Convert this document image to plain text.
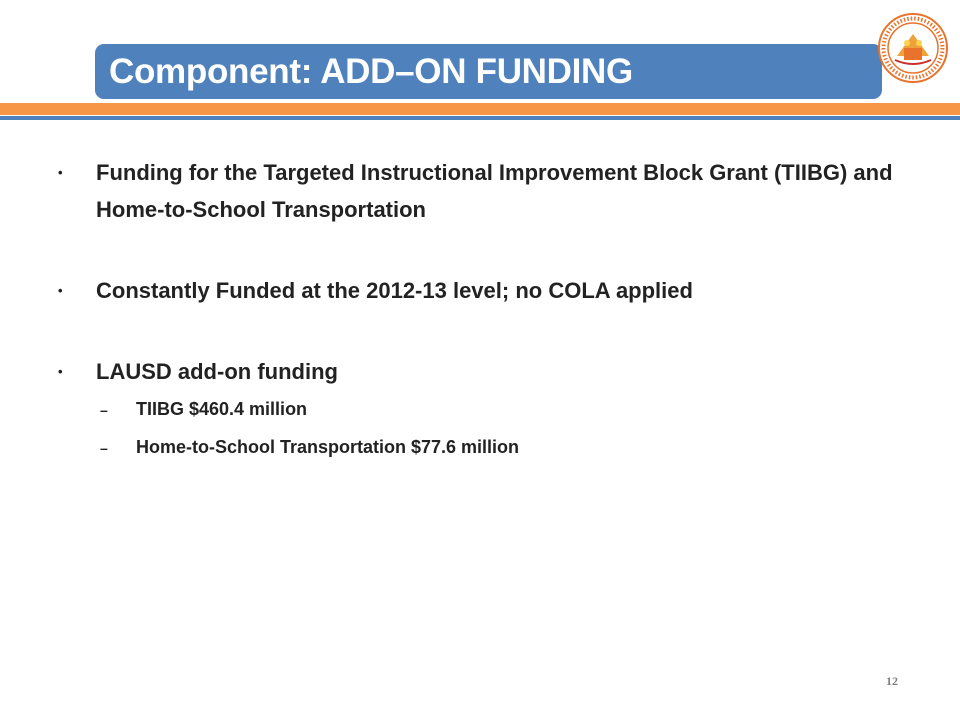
Component: ADD–ON FUNDING
• Funding for the Targeted Instructional Improvement Block Grant (TIIBG) and Home-to-School Transportation
• Constantly Funded at the 2012-13 level; no COLA applied
• LAUSD add-on funding
– TIIBG $460.4 million
– Home-to-School Transportation $77.6 million
12
